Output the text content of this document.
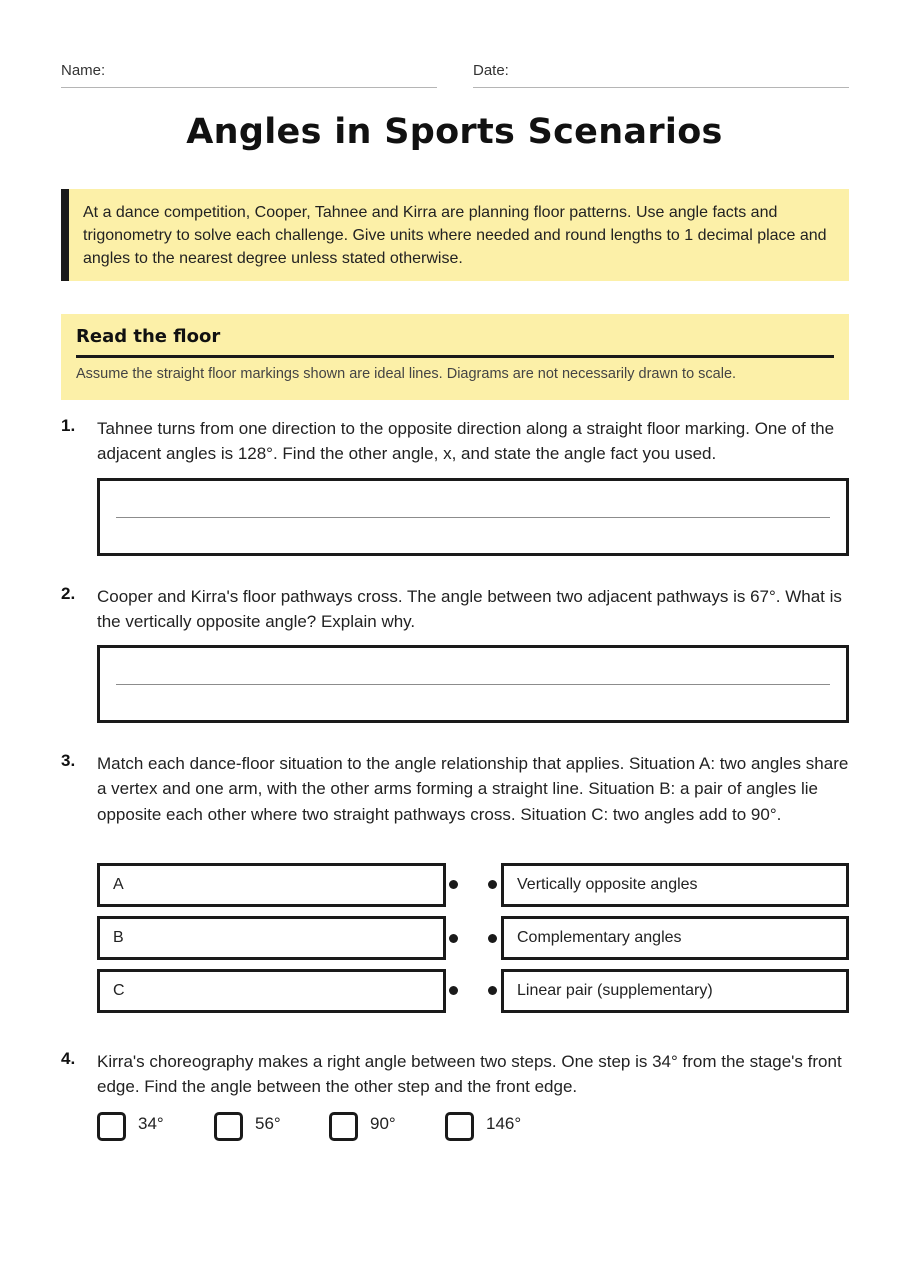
Name:	Date:
Angles in Sports Scenarios
At a dance competition, Cooper, Tahnee and Kirra are planning floor patterns. Use angle facts and trigonometry to solve each challenge. Give units where needed and round lengths to 1 decimal place and angles to the nearest degree unless stated otherwise.
Read the floor
Assume the straight floor markings shown are ideal lines. Diagrams are not necessarily drawn to scale.
1. Tahnee turns from one direction to the opposite direction along a straight floor marking. One of the adjacent angles is 128°. Find the other angle, x, and state the angle fact you used.
2. Cooper and Kirra's floor pathways cross. The angle between two adjacent pathways is 67°. What is the vertically opposite angle? Explain why.
3. Match each dance-floor situation to the angle relationship that applies. Situation A: two angles share a vertex and one arm, with the other arms forming a straight line. Situation B: a pair of angles lie opposite each other where two straight pathways cross. Situation C: two angles add to 90°.
A	Vertically opposite angles
B	Complementary angles
C	Linear pair (supplementary)
4. Kirra's choreography makes a right angle between two steps. One step is 34° from the stage's front edge. Find the angle between the other step and the front edge.
34°	56°	90°	146°
